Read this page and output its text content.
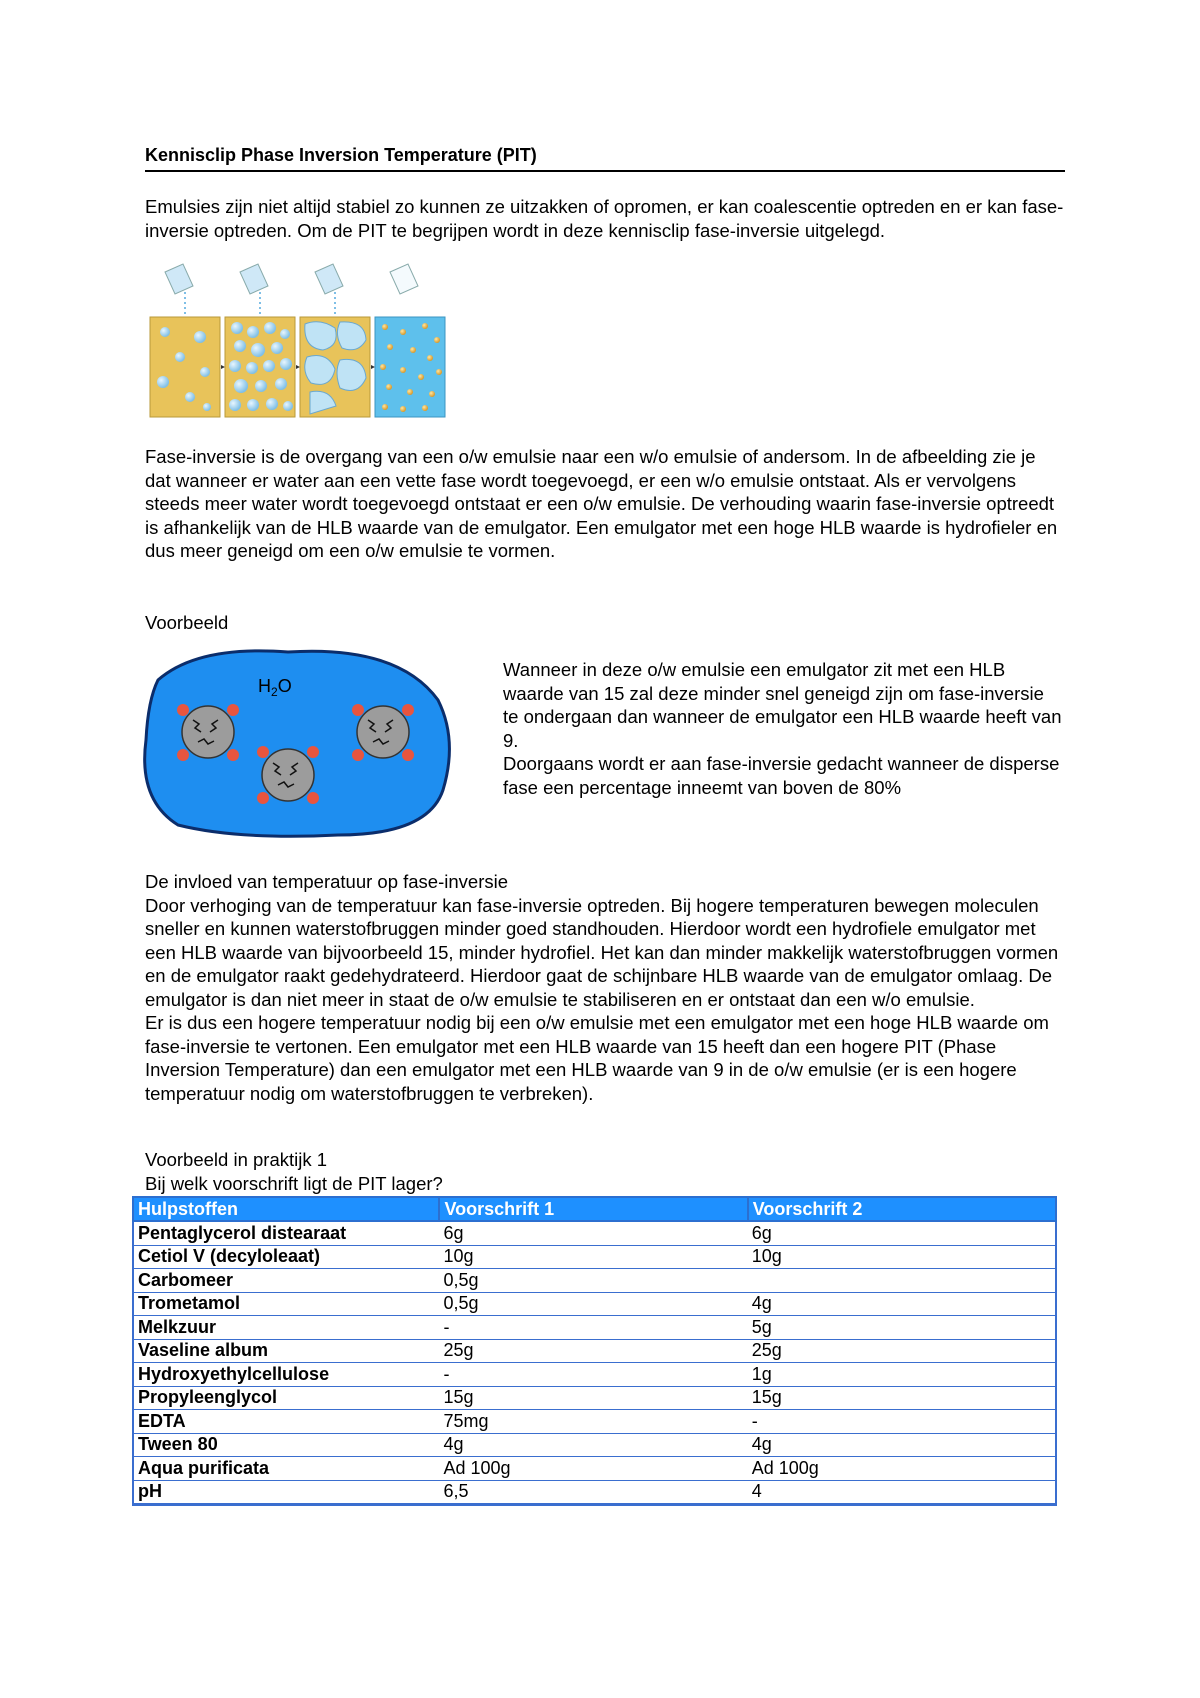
Kennisclip Phase Inversion Temperature (PIT)
Emulsies zijn niet altijd stabiel zo kunnen ze uitzakken of opromen, er kan coalescentie optreden en er kan fase-inversie optreden. Om de PIT te begrijpen wordt in deze kennisclip fase-inversie uitgelegd.
Fase-inversie is de overgang van een o/w emulsie naar een w/o emulsie of andersom. In de afbeelding zie je dat wanneer er water aan een vette fase wordt toegevoegd, er een w/o emulsie ontstaat. Als er vervolgens steeds meer water wordt toegevoegd ontstaat er een o/w emulsie. De verhouding waarin fase-inversie optreedt is afhankelijk van de HLB waarde van de emulgator. Een emulgator met een hoge HLB waarde is hydrofieler en dus meer geneigd om een o/w emulsie te vormen.
Voorbeeld
$H_2O$
Wanneer in deze o/w emulsie een emulgator zit met een HLB waarde van 15 zal deze minder snel geneigd zijn om fase-inversie te ondergaan dan wanneer de emulgator een HLB waarde heeft van 9.
Doorgaans wordt er aan fase-inversie gedacht wanneer de disperse fase een percentage inneemt van boven de 80%
De invloed van temperatuur op fase-inversie
Door verhoging van de temperatuur kan fase-inversie optreden. Bij hogere temperaturen bewegen moleculen sneller en kunnen waterstofbruggen minder goed standhouden. Hierdoor wordt een hydrofiele emulgator met een HLB waarde van bijvoorbeeld 15, minder hydrofiel. Het kan dan minder makkelijk waterstofbruggen vormen en de emulgator raakt gedehydrateerd. Hierdoor gaat de schijnbare HLB waarde van de emulgator omlaag. De emulgator is dan niet meer in staat de o/w emulsie te stabiliseren en er ontstaat dan een w/o emulsie.
Er is dus een hogere temperatuur nodig bij een o/w emulsie met een emulgator met een hoge HLB waarde om fase-inversie te vertonen. Een emulgator met een HLB waarde van 15 heeft dan een hogere PIT (Phase Inversion Temperature) dan een emulgator met een HLB waarde van 9 in de o/w emulsie (er is een hogere temperatuur nodig om waterstofbruggen te verbreken).
Voorbeeld in praktijk 1
Bij welk voorschrift ligt de PIT lager?
Hulpstoffen	Voorschrift 1	Voorschrift 2
Pentaglycerol distearaat	6g	6g
Cetiol V (decyloleaat)	10g	10g
Carbomeer	0,5g	
Trometamol	0,5g	4g
Melkzuur	-	5g
Vaseline album	25g	25g
Hydroxyethylcellulose	-	1g
Propyleenglycol	15g	15g
EDTA	75mg	-
Tween 80	4g	4g
Aqua purificata	Ad 100g	Ad 100g
pH	6,5	4
